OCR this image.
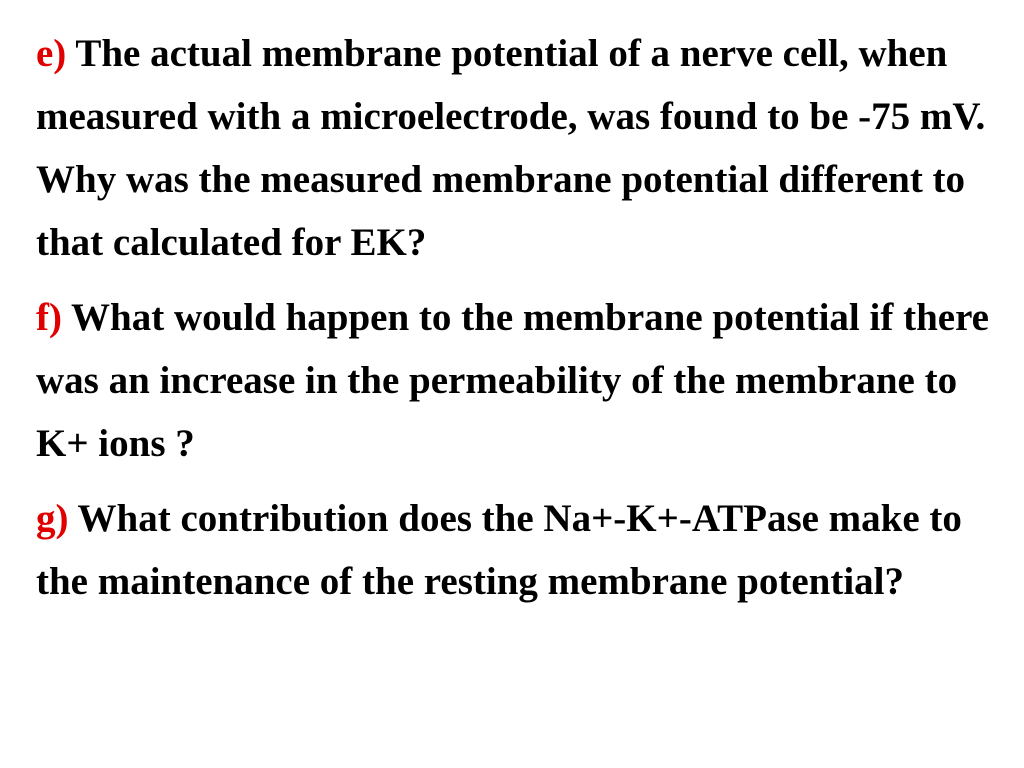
e) The actual membrane potential of a nerve cell, when measured with a microelectrode, was found to be -75 mV. Why was the measured membrane potential different to that calculated for EK?

f) What would happen to the membrane potential if there was an increase in the permeability of the membrane to K+ ions ?

g) What contribution does the Na+-K+-ATPase make to the maintenance of the resting membrane potential?
